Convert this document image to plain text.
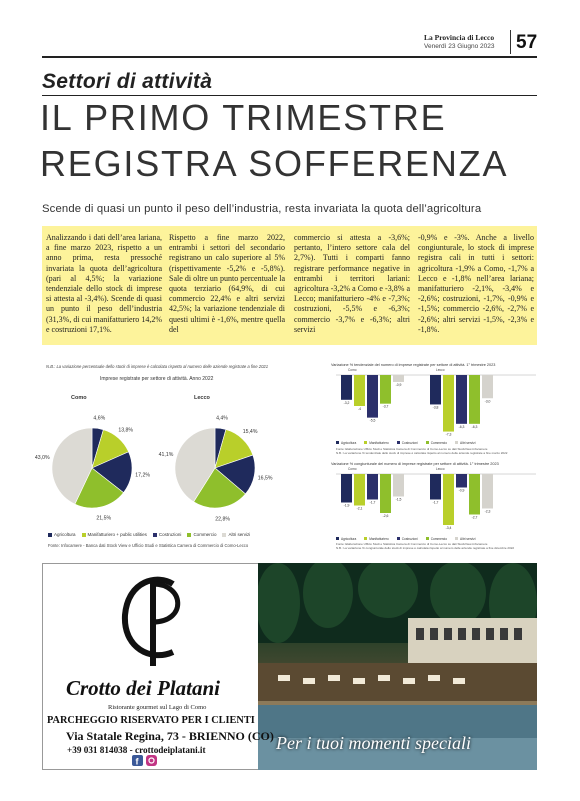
La Provincia di Lecco
Venerdì 23 Giugno 2023 57
Settori di attività
IL PRIMO TRIMESTRE
REGISTRA SOFFERENZA
Scende di quasi un punto il peso dell’industria, resta invariata la quota dell’agricoltura
Analizzando i dati dell’area lariana, a fine marzo 2023, rispetto a un anno prima, resta pressoché invariata la quota dell’agricoltura (pari al 4,5%; la variazione tendenziale dello stock di imprese si attesta al -3,4%). Scende di quasi un punto il peso dell’industria (31,3%, di cui manifatturiero 14,2% e costruzioni 17,1%.
Rispetto a fine marzo 2022, entrambi i settori del secondario registrano un calo superiore al 5% (rispettivamente -5,2% e -5,8%). Sale di oltre un punto percentuale la quota terziario (64,9%, di cui commercio 22,4% e altri servizi 42,5%; la variazione tendenziale di questi ultimi è -1,6%, mentre quella del
commercio si attesta a -3,6%; pertanto, l’intero settore cala del 2,7%). Tutti i comparti fanno registrare performance negative in entrambi i territori lariani: agricoltura -3,2% a Como e -3,8% a Lecco; manifatturiero -4% e -7,3%; costruzioni, -5,5% e -6,3%; commercio -3,7% e -6,3%; altri servizi
-0,9% e -3%. Anche a livello congiunturale, lo stock di imprese registra cali in tutti i settori: agricoltura -1,9% a Como, -1,7% a Lecco e -1,8% nell’area lariana; manifatturiero -2,1%, -3,4% e -2,6%; costruzioni, -1,7%, -0,9% e -1,5%; commercio -2,6%, -2,7% e -2,6%; altri servizi -1,5%, -2,3% e -1,8%.
N.B.: La variazione percentuale dello stock di imprese è calcolata rispetto al numero delle aziende registrate a fine 2021
Imprese registrate per settore di attività. Anno 2022
Como	Lecco
4,6%
13,8%
17,2%
21,5%
43,0%
4,4%
15,4%
16,5%
22,8%
41,1%
Agricoltura	Manifatturiero + public utilities	Costruzioni	Commercio	Altri servizi
Fonte: Infocamere - Banca dati Stock View e Ufficio Studi e Statistica Camera di Commercio di Como-Lecco
Variazione % tendenziale del numero di imprese registrate per settore di attività. 1° trimestre 2023
Variazione % congiunturale del numero di imprese registrate per settore di attività. 1° trimestre 2023
Como	Lecco
Como	Lecco
-3,2
-4
-5,5
-3,7
-0,9
-3,8
-7,3
-6,3 -6,3
-3,0
-1,9
-2,1
-1,7
-2,6
-1,5
-1,7
-3,4
-0,9
-2,7
-2,3
Agricoltura	Manifatturiero	Costruzioni	Commercio	Altri servizi
Fonte: Elaborazione Ufficio Studi e Statistica Camera di Commercio di Como-Lecco su dati StockView-Infocamere
N.B.: La variazione % tendenziale dello stock di imprese è calcolata rispetto al numero delle aziende registrate a fine marzo 2022
Agricoltura	Manifatturiero	Costruzioni	Commercio	Altri servizi
Fonte: Elaborazione Ufficio Studi e Statistica Camera di Commercio di Como-Lecco su dati StockView-Infocamere
N.B.: La variazione % congiunturale dello stock di imprese è calcolata rispetto al numero delle aziende registrate a fine dicembre 2022
Crotto dei Platani
Ristorante gourmet sul Lago di Como
PARCHEGGIO RISERVATO PER I CLIENTI
Via Statale Regina, 73 - BRIENNO (CO)
+39 031 814038 - crottodeiplatani.it
f
Per i tuoi momenti speciali
